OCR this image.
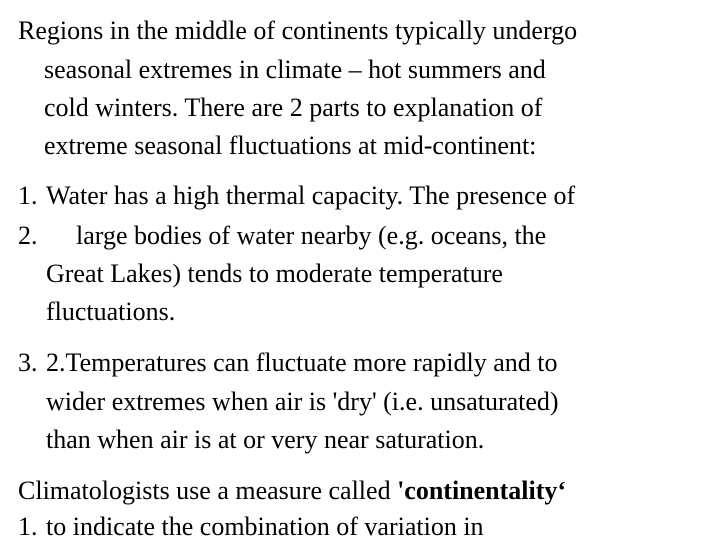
Regions in the middle of continents typically undergo
seasonal extremes in climate – hot summers and
cold winters. There are 2 parts to explanation of
extreme seasonal fluctuations at mid-continent:
1. Water has a high thermal capacity. The presence of
2. large bodies of water nearby (e.g. oceans, the
Great Lakes) tends to moderate temperature
fluctuations.
3. 2.Temperatures can fluctuate more rapidly and to
wider extremes when air is 'dry' (i.e. unsaturated)
than when air is at or very near saturation.
Climatologists use a measure called 'continentality‘
1. to indicate the combination of variation in
